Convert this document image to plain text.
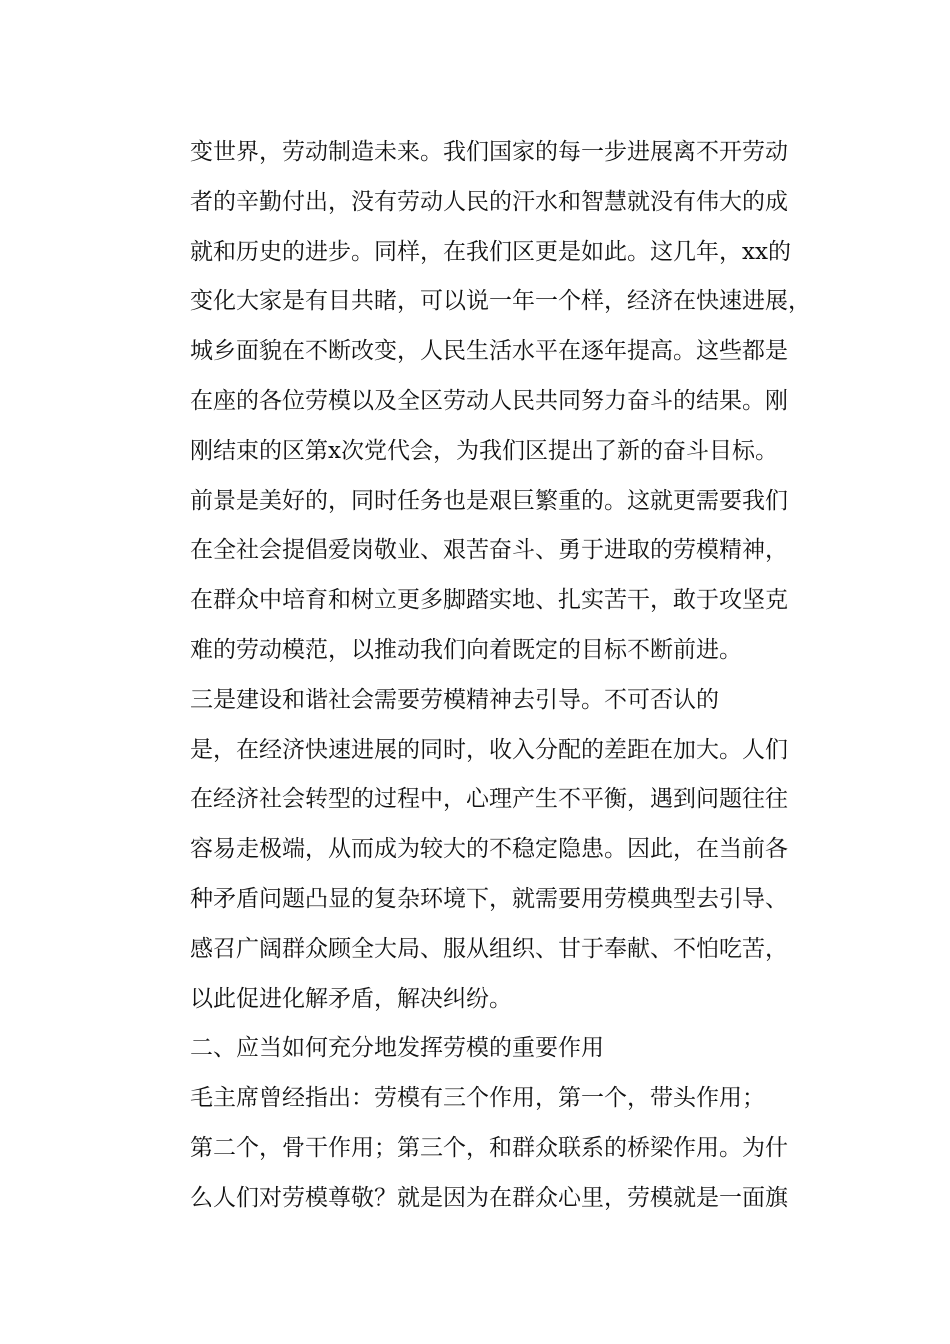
变世界，劳动制造未来。我们国家的每一步进展离不开劳动
者的辛勤付出，没有劳动人民的汗水和智慧就没有伟大的成
就和历史的进步。同样，在我们区更是如此。这几年，xx的
变化大家是有目共睹，可以说一年一个样，经济在快速进展，
城乡面貌在不断改变，人民生活水平在逐年提高。这些都是
在座的各位劳模以及全区劳动人民共同努力奋斗的结果。刚
刚结束的区第x次党代会，为我们区提出了新的奋斗目标。
前景是美好的，同时任务也是艰巨繁重的。这就更需要我们
在全社会提倡爱岗敬业、艰苦奋斗、勇于进取的劳模精神，
在群众中培育和树立更多脚踏实地、扎实苦干，敢于攻坚克
难的劳动模范，以推动我们向着既定的目标不断前进。
三是建设和谐社会需要劳模精神去引导。不可否认的
是，在经济快速进展的同时，收入分配的差距在加大。人们
在经济社会转型的过程中，心理产生不平衡，遇到问题往往
容易走极端，从而成为较大的不稳定隐患。因此，在当前各
种矛盾问题凸显的复杂环境下，就需要用劳模典型去引导、
感召广阔群众顾全大局、服从组织、甘于奉献、不怕吃苦，
以此促进化解矛盾，解决纠纷。
二、应当如何充分地发挥劳模的重要作用
毛主席曾经指出：劳模有三个作用，第一个，带头作用；
第二个，骨干作用；第三个，和群众联系的桥梁作用。为什
么人们对劳模尊敬？就是因为在群众心里，劳模就是一面旗
